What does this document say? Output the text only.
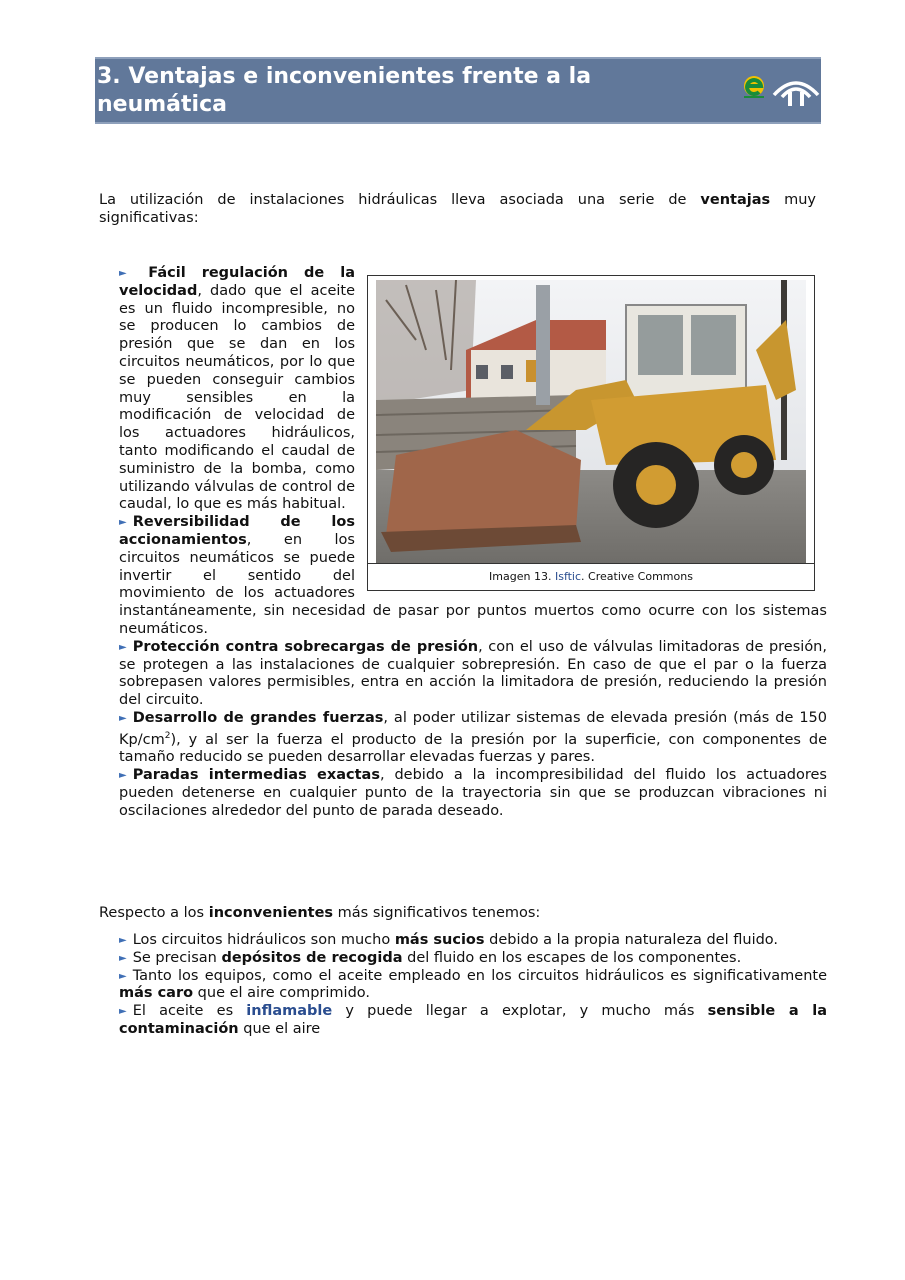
3. Ventajas e inconvenientes frente a la neumática

La utilización de instalaciones hidráulicas lleva asociada una serie de ventajas muy significativas:

Imagen 13. Isftic. Creative Commons

► Fácil regulación de la velocidad, dado que el aceite es un fluido incompresible, no se producen lo cambios de presión que se dan en los circuitos neumáticos, por lo que se pueden conseguir cambios muy sensibles en la modificación de velocidad de los actuadores hidráulicos, tanto modificando el caudal de suministro de la bomba, como utilizando válvulas de control de caudal, lo que es más habitual.

► Reversibilidad de los accionamientos, en los circuitos neumáticos se puede invertir el sentido del movimiento de los actuadores instantáneamente, sin necesidad de pasar por puntos muertos como ocurre con los sistemas neumáticos.

► Protección contra sobrecargas de presión, con el uso de válvulas limitadoras de presión, se protegen a las instalaciones de cualquier sobrepresión. En caso de que el par o la fuerza sobrepasen valores permisibles, entra en acción la limitadora de presión, reduciendo la presión del circuito.

► Desarrollo de grandes fuerzas, al poder utilizar sistemas de elevada presión (más de 150 $Kp/cm^2$), y al ser la fuerza el producto de la presión por la superficie, con componentes de tamaño reducido se pueden desarrollar elevadas fuerzas y pares.

► Paradas intermedias exactas, debido a la incompresibilidad del fluido los actuadores pueden detenerse en cualquier punto de la trayectoria sin que se produzcan vibraciones ni oscilaciones alrededor del punto de parada deseado.

Respecto a los inconvenientes más significativos tenemos:

► Los circuitos hidráulicos son mucho más sucios debido a la propia naturaleza del fluido.

► Se precisan depósitos de recogida del fluido en los escapes de los componentes.

► Tanto los equipos, como el aceite empleado en los circuitos hidráulicos es significativamente más caro que el aire comprimido.

► El aceite es inflamable y puede llegar a explotar, y mucho más sensible a la contaminación que el aire
